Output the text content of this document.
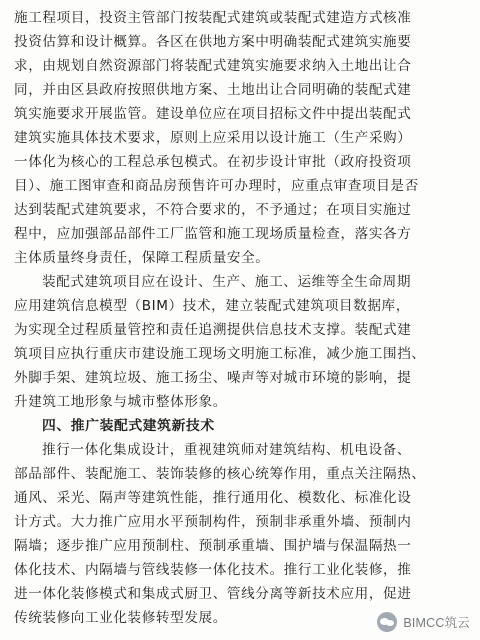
施工程项目，投资主管部门按装配式建筑或装配式建造方式核准
投资估算和设计概算。各区在供地方案中明确装配式建筑实施要
求，由规划自然资源部门将装配式建筑实施要求纳入土地出让合
同，并由区县政府按照供地方案、土地出让合同明确的装配式建
筑实施要求开展监管。建设单位应在项目招标文件中提出装配式
建筑实施具体技术要求，原则上应采用以设计施工（生产采购）
一体化为核心的工程总承包模式。在初步设计审批（政府投资项
目）、施工图审查和商品房预售许可办理时，应重点审查项目是否
达到装配式建筑要求，不符合要求的，不予通过；在项目实施过
程中，应加强部品部件工厂监管和施工现场质量检查，落实各方
主体质量终身责任，保障工程质量安全。
装配式建筑项目应在设计、生产、施工、运维等全生命周期
应用建筑信息模型（BIM）技术，建立装配式建筑项目数据库，
为实现全过程质量管控和责任追溯提供信息技术支撑。装配式建
筑项目应执行重庆市建设施工现场文明施工标准，减少施工围挡、
外脚手架、建筑垃圾、施工扬尘、噪声等对城市环境的影响，提
升建筑工地形象与城市整体形象。
四、推广装配式建筑新技术
推行一体化集成设计，重视建筑师对建筑结构、机电设备、
部品部件、装配施工、装饰装修的核心统筹作用，重点关注隔热、
通风、采光、隔声等建筑性能，推行通用化、模数化、标准化设
计方式。大力推广应用水平预制构件，预制非承重外墙、预制内
隔墙；逐步推广应用预制柱、预制承重墙、围护墙与保温隔热一
体化技术、内隔墙与管线装修一体化技术。推行工业化装修，推
进一体化装修模式和集成式厨卫、管线分离等新技术应用，促进
传统装修向工业化装修转型发展。	BIMCC筑云
